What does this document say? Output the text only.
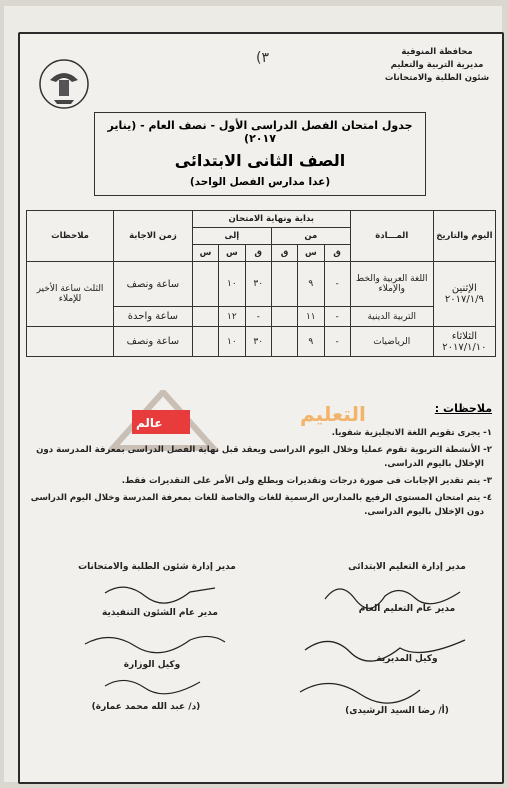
محافظة المنوفية
مديرية التربية والتعليم
شئون الطلبة والامتحانات
(٣
جدول امتحان الفصل الدراسى الأول - نصف العام - (يناير ٢٠١٧)
الصف الثانى الابتدائى
(عدا مدارس الفصل الواحد)
اليوم والتاريخ	المـــادة	بداية ونهاية الامتحان						زمن الاجابة	ملاحظات
		من			إلى				
		ق	س	ق	ق	س	س		

الإثنين
٢٠١٧/١/٩	اللغة العربية والخط والإملاء	-	٩		٣٠	١٠		ساعة ونصف	الثلث ساعة الأخير للإملاء
	التربية الدينية	-	١١		-	١٢		ساعة واحدة	

الثلاثاء
٢٠١٧/١/١٠	الرياضيات	-	٩		٣٠	١٠		ساعة ونصف	
عالم	التعليم	ملاحظات :

١- يجرى تقويم اللغة الانجليزية شفويا.

٢- الأنشطة التربوية تقوم عمليا وخلال اليوم الدراسى ويعقد قبل نهاية الفصل الدراسى بمعرفة المدرسة دون
الإخلال باليوم الدراسى.

٣- يتم تقدير الإجابات فى صورة درجات وتقديرات ويطلع ولى الأمر على التقديرات فقط.

٤- يتم امتحان المستوى الرفيع بالمدارس الرسمية للغات والخاصة للغات بمعرفة المدرسة وخلال اليوم الدراسى
دون الإخلال باليوم الدراسى.

مدير إدارة التعليم الابتدائى
مدير عام التعليم العام
وكيل المديرية
(أ/ رضا السيد الرشيدى)
مدير إدارة شئون الطلبة والامتحانات
مدير عام الشئون التنفيذية
وكيل الوزارة
(د/ عبد الله محمد عمارة)
